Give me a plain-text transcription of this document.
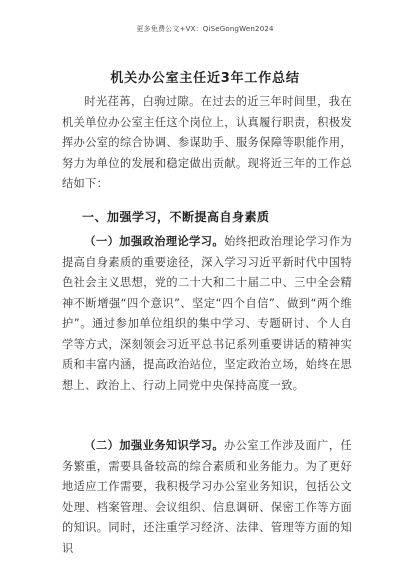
更多免费公文+VX：QiSeGongWen2024
机关办公室主任近3年工作总结
时光荏苒，白驹过隙。在过去的近三年时间里，我在机关单位办公室主任这个岗位上，认真履行职责，积极发挥办公室的综合协调、参谋助手、服务保障等职能作用，努力为单位的发展和稳定做出贡献。现将近三年的工作总结如下：
一、加强学习，不断提高自身素质
（一）加强政治理论学习。始终把政治理论学习作为提高自身素质的重要途径，深入学习习近平新时代中国特色社会主义思想，党的二十大和二十届二中、三中全会精神不断增强“四个意识”、坚定“四个自信”、做到“两个维护”。通过参加单位组织的集中学习、专题研讨、个人自学等方式，深刻领会习近平总书记系列重要讲话的精神实质和丰富内涵，提高政治站位，坚定政治立场，始终在思想上、政治上、行动上同党中央保持高度一致。
（二）加强业务知识学习。办公室工作涉及面广，任务繁重，需要具备较高的综合素质和业务能力。为了更好地适应工作需要，我积极学习办公室业务知识，包括公文处理、档案管理、会议组织、信息调研、保密工作等方面的知识。同时，还注重学习经济、法律、管理等方面的知识
